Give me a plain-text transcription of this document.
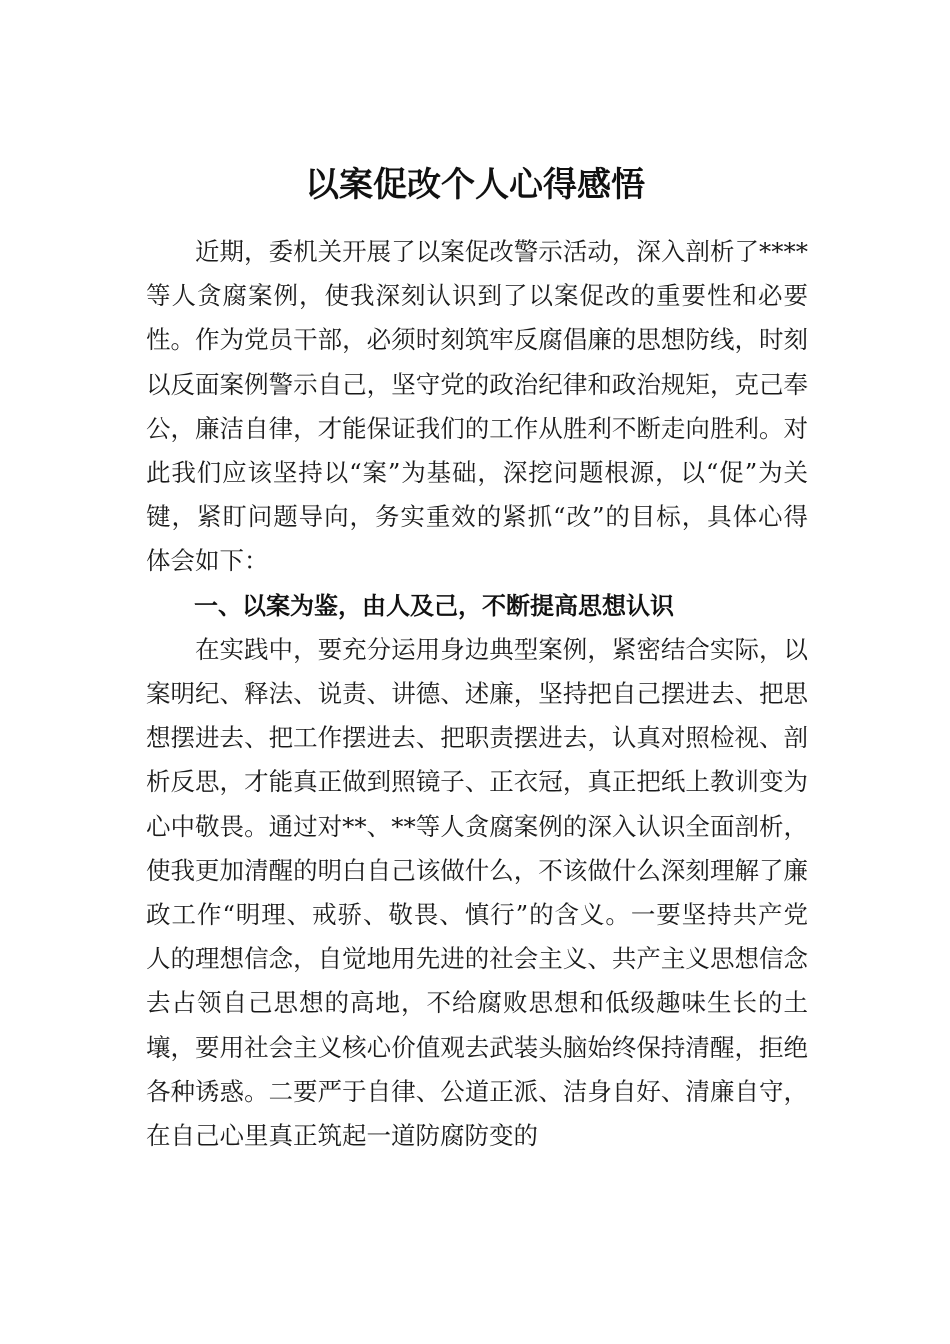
以案促改个人心得感悟

近期，委机关开展了以案促改警示活动，深入剖析了****等人贪腐案例，使我深刻认识到了以案促改的重要性和必要性。作为党员干部，必须时刻筑牢反腐倡廉的思想防线，时刻以反面案例警示自己，坚守党的政治纪律和政治规矩，克己奉公，廉洁自律，才能保证我们的工作从胜利不断走向胜利。对此我们应该坚持以“案”为基础，深挖问题根源，以“促”为关键，紧盯问题导向，务实重效的紧抓“改”的目标，具体心得体会如下：

一、以案为鉴，由人及己，不断提高思想认识

在实践中，要充分运用身边典型案例，紧密结合实际，以案明纪、释法、说责、讲德、述廉，坚持把自己摆进去、把思想摆进去、把工作摆进去、把职责摆进去，认真对照检视、剖析反思，才能真正做到照镜子、正衣冠，真正把纸上教训变为心中敬畏。通过对**、**等人贪腐案例的深入认识全面剖析，使我更加清醒的明白自己该做什么，不该做什么深刻理解了廉政工作“明理、戒骄、敬畏、慎行”的含义。一要坚持共产党人的理想信念，自觉地用先进的社会主义、共产主义思想信念去占领自己思想的高地，不给腐败思想和低级趣味生长的土壤，要用社会主义核心价值观去武装头脑始终保持清醒，拒绝各种诱惑。二要严于自律、公道正派、洁身自好、清廉自守，在自己心里真正筑起一道防腐防变的
